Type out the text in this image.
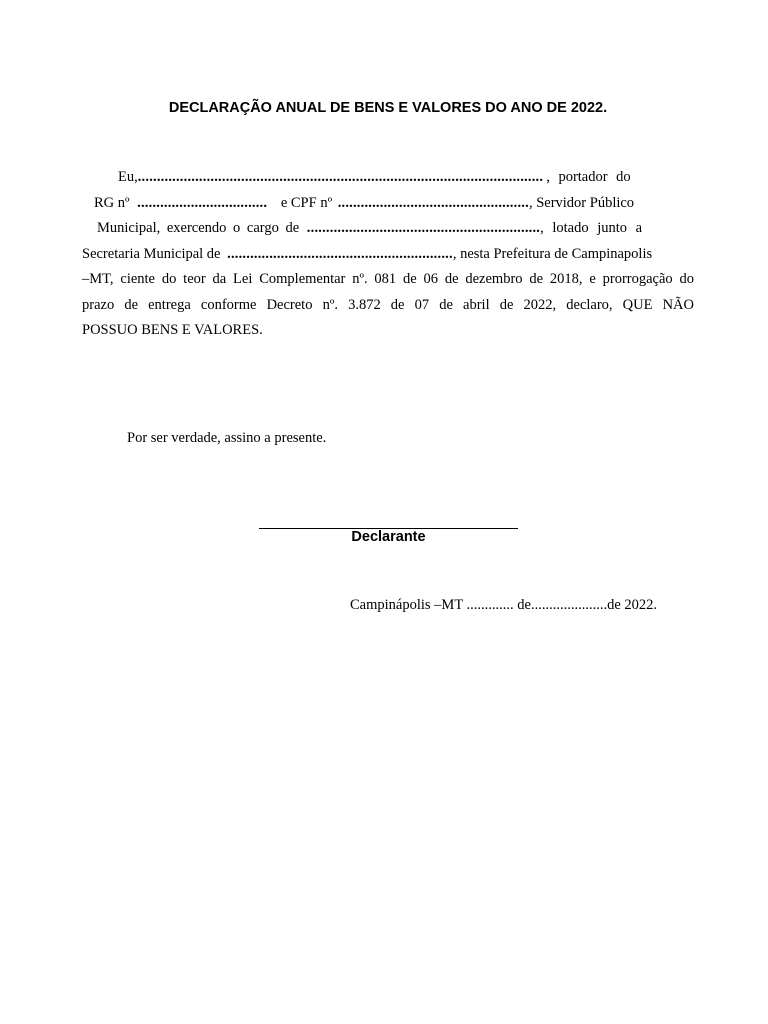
DECLARAÇÃO ANUAL DE BENS E VALORES DO ANO DE 2022.
Eu,.......................................................................................................... , portador do
RG nº .................................. e CPF nº .................................................., Servidor Público
Municipal, exercendo o cargo de ............................................................., lotado junto a
Secretaria Municipal de ..........................................................., nesta Prefeitura de Campinapolis
–MT, ciente do teor da Lei Complementar nº. 081 de 06 de dezembro de 2018, e prorrogação do
prazo de entrega conforme Decreto nº. 3.872 de 07 de abril de 2022, declaro, QUE NÃO
POSSUO BENS E VALORES.
Por ser verdade, assino a presente.
Declarante
Campinápolis –MT ............. de.....................de 2022.
